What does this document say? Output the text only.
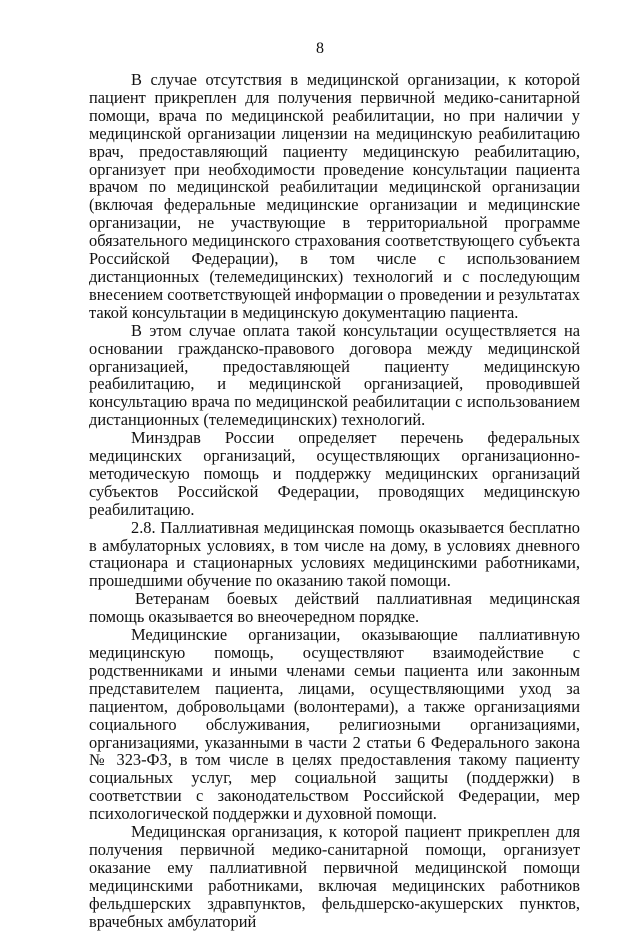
8

В случае отсутствия в медицинской организации, к которой пациент прикреплен для получения первичной медико-санитарной помощи, врача по медицинской реабилитации, но при наличии у медицинской организации лицензии на медицинскую реабилитацию врач, предоставляющий пациенту медицинскую реабилитацию, организует при необходимости проведение консультации пациента врачом по медицинской реабилитации медицинской организации (включая федеральные медицинские организации и медицинские организации, не участвующие в территориальной программе обязательного медицинского страхования соответствующего субъекта Российской Федерации), в том числе с использованием дистанционных (телемедицинских) технологий и с последующим внесением соответствующей информации о проведении и результатах такой консультации в медицинскую документацию пациента.

В этом случае оплата такой консультации осуществляется на основании гражданско-правового договора между медицинской организацией, предоставляющей пациенту медицинскую реабилитацию, и медицинской организацией, проводившей консультацию врача по медицинской реабилитации с использованием дистанционных (телемедицинских) технологий.

Минздрав России определяет перечень федеральных медицинских организаций, осуществляющих организационно-методическую помощь и поддержку медицинских организаций субъектов Российской Федерации, проводящих медицинскую реабилитацию.

2.8. Паллиативная медицинская помощь оказывается бесплатно в амбулаторных условиях, в том числе на дому, в условиях дневного стационара и стационарных условиях медицинскими работниками, прошедшими обучение по оказанию такой помощи.

Ветеранам боевых действий паллиативная медицинская помощь оказывается во внеочередном порядке.

Медицинские организации, оказывающие паллиативную медицинскую помощь, осуществляют взаимодействие с родственниками и иными членами семьи пациента или законным представителем пациента, лицами, осуществляющими уход за пациентом, добровольцами (волонтерами), а также организациями социального обслуживания, религиозными организациями, организациями, указанными в части 2 статьи 6 Федерального закона № 323-ФЗ, в том числе в целях предоставления такому пациенту социальных услуг, мер социальной защиты (поддержки) в соответствии с законодательством Российской Федерации, мер психологической поддержки и духовной помощи.

Медицинская организация, к которой пациент прикреплен для получения первичной медико-санитарной помощи, организует оказание ему паллиативной первичной медицинской помощи медицинскими работниками, включая медицинских работников фельдшерских здравпунктов, фельдшерско-акушерских пунктов, врачебных амбулаторий
